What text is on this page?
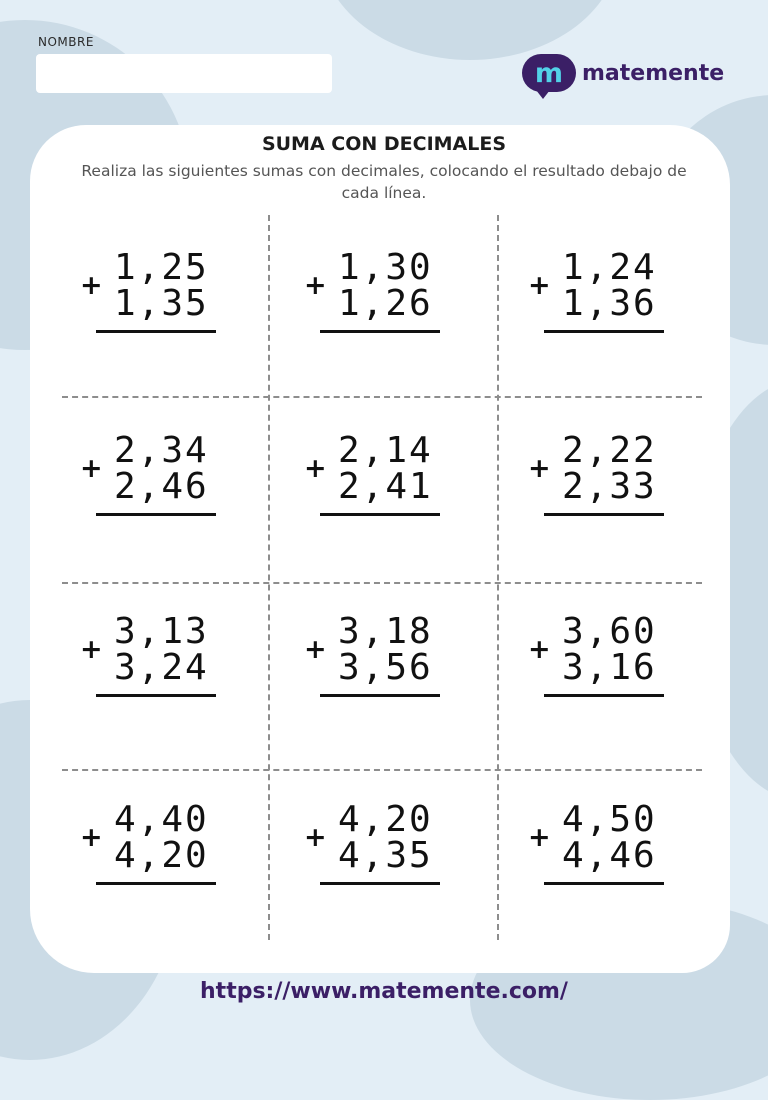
NOMBRE
m matemente
SUMA CON DECIMALES
Realiza las siguientes sumas con decimales, colocando el resultado debajo de cada línea.
+ 1,25
1,35	+ 1,30
1,26	+ 1,24
1,36
+ 2,34
2,46	+ 2,14
2,41	+ 2,22
2,33
+ 3,13
3,24	+ 3,18
3,56	+ 3,60
3,16
+ 4,40
4,20	+ 4,20
4,35	+ 4,50
4,46
https://www.matemente.com/
